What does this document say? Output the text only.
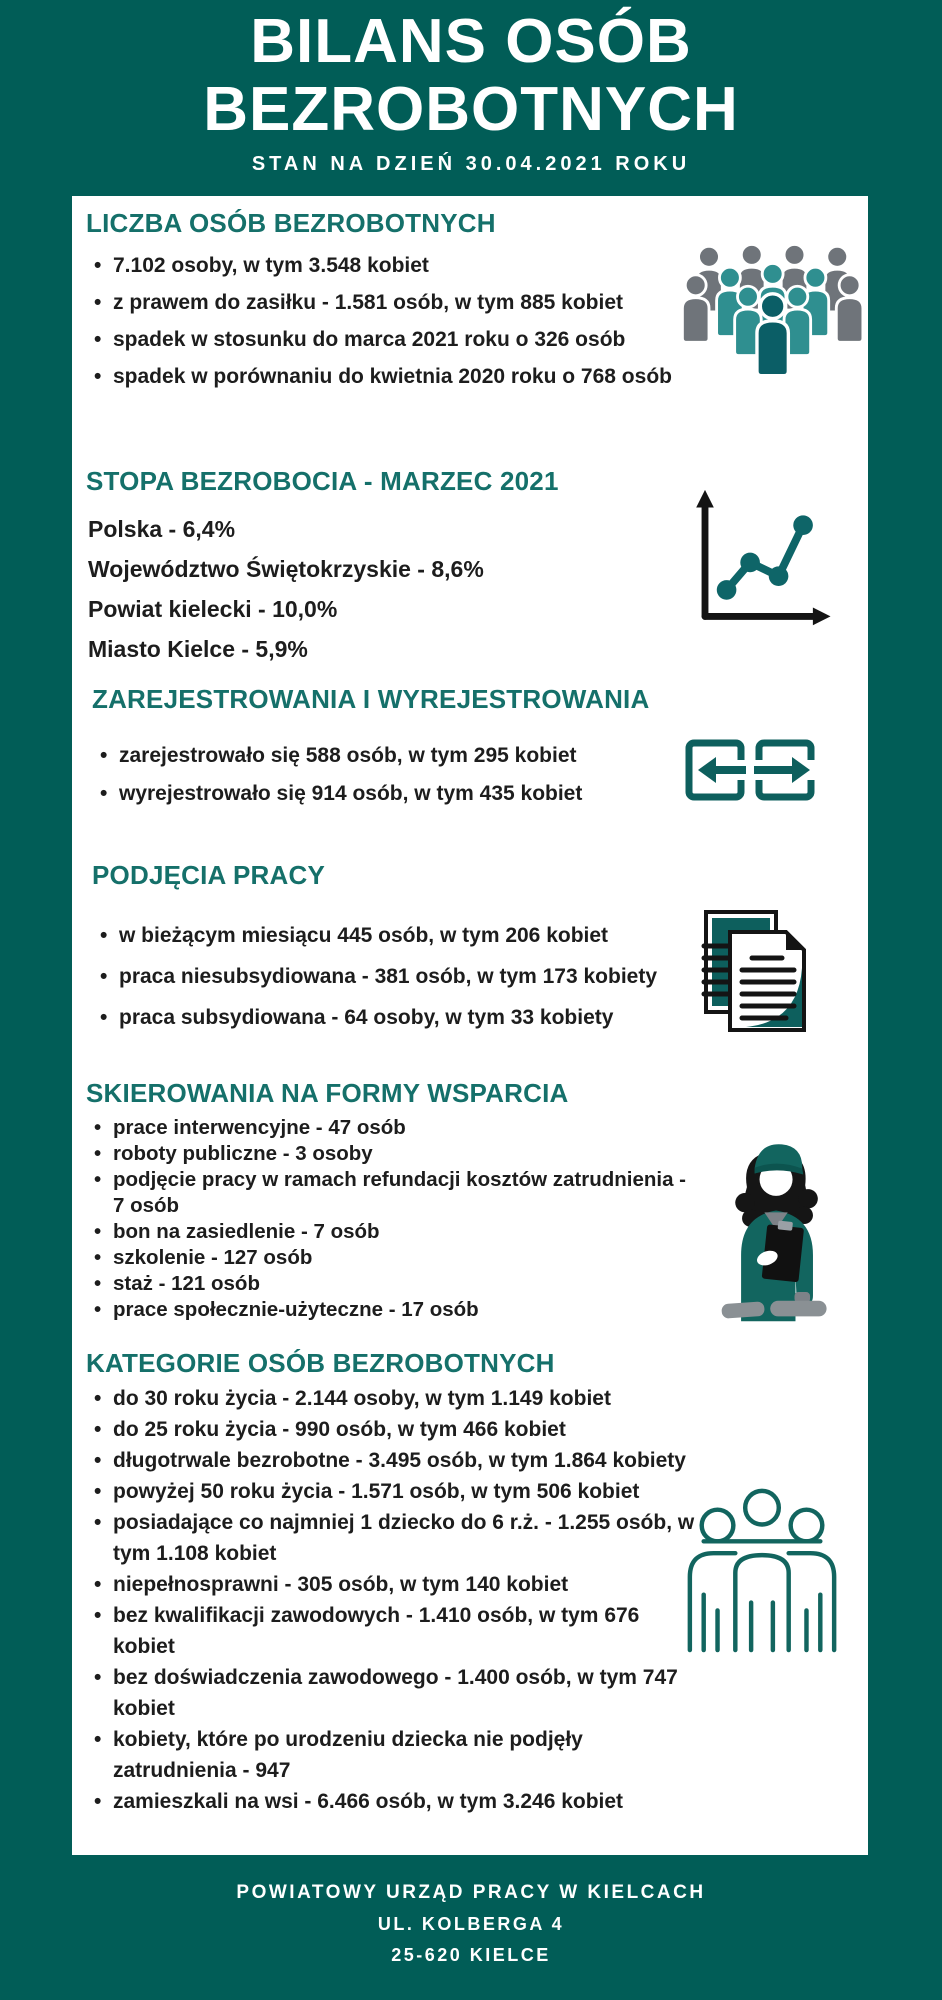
BILANS OSÓB BEZROBOTNYCH
STAN NA DZIEŃ 30.04.2021 ROKU
LICZBA OSÓB BEZROBOTNYCH
• 7.102 osoby, w tym 3.548 kobiet
• z prawem do zasiłku - 1.581 osób, w tym 885 kobiet
• spadek w stosunku do marca 2021 roku o 326 osób
• spadek w porównaniu do kwietnia 2020 roku o 768 osób
STOPA BEZROBOCIA - MARZEC 2021
Polska - 6,4%
Województwo Świętokrzyskie - 8,6%
Powiat kielecki - 10,0%
Miasto Kielce - 5,9%
ZAREJESTROWANIA I WYREJESTROWANIA
• zarejestrowało się 588 osób, w tym 295 kobiet
• wyrejestrowało się 914 osób, w tym 435 kobiet
PODJĘCIA PRACY
• w bieżącym miesiącu 445 osób, w tym 206 kobiet
• praca niesubsydiowana - 381 osób, w tym 173 kobiety
• praca subsydiowana - 64 osoby, w tym 33 kobiety
SKIEROWANIA NA FORMY WSPARCIA
• prace interwencyjne - 47 osób
• roboty publiczne - 3 osoby
• podjęcie pracy w ramach refundacji kosztów zatrudnienia - 7 osób
• bon na zasiedlenie - 7 osób
• szkolenie - 127 osób
• staż - 121 osób
• prace społecznie-użyteczne - 17 osób
KATEGORIE OSÓB BEZROBOTNYCH
• do 30 roku życia - 2.144 osoby, w tym 1.149 kobiet
• do 25 roku życia - 990 osób, w tym 466 kobiet
• długotrwale bezrobotne - 3.495 osób, w tym 1.864 kobiety
• powyżej 50 roku życia - 1.571 osób, w tym 506 kobiet
• posiadające co najmniej 1 dziecko do 6 r.ż. - 1.255 osób, w tym 1.108 kobiet
• niepełnosprawni - 305 osób, w tym 140 kobiet
• bez kwalifikacji zawodowych - 1.410 osób, w tym 676 kobiet
• bez doświadczenia zawodowego - 1.400 osób, w tym 747 kobiet
• kobiety, które po urodzeniu dziecka nie podjęły zatrudnienia - 947
• zamieszkali na wsi - 6.466 osób, w tym 3.246 kobiet
POWIATOWY URZĄD PRACY W KIELCACH
UL. KOLBERGA 4
25-620 KIELCE
